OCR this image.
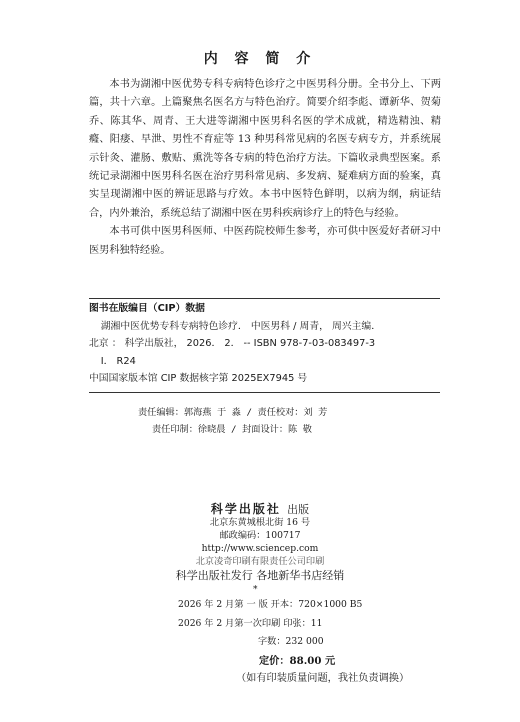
内 容 简 介

本书为湖湘中医优势专科专病特色诊疗之中医男科分册。全书分上、下两篇，共十六章。上篇聚焦名医名方与特色治疗。简要介绍李彪、谭新华、贺菊乔、陈其华、周青、王大进等湖湘中医男科名医的学术成就，精选精浊、精癃、阳痿、早泄、男性不育症等 13 种男科常见病的名医专病专方，并系统展示针灸、灌肠、敷贴、熏洗等各专病的特色治疗方法。下篇收录典型医案。系统记录湖湘中医男科名医在治疗男科常见病、多发病、疑难病方面的验案，真实呈现湖湘中医的辨证思路与疗效。本书中医特色鲜明，以病为纲，病证结合，内外兼治，系统总结了湖湘中医在男科疾病诊疗上的特色与经验。

本书可供中医男科医师、中医药院校师生参考，亦可供中医爱好者研习中医男科独特经验。

图书在版编目（CIP）数据
湖湘中医优势专科专病特色诊疗． 中医男科 / 周青， 周兴主编．
北京 ： 科学出版社， 2026． 2． -- ISBN 978-7-03-083497-3
Ⅰ． R24
中国国家版本馆 CIP 数据核字第 2025EX7945 号
责任编辑：郭海燕 于 淼 / 责任校对：刘 芳
责任印制：徐晓晨 / 封面设计：陈 敬
科学出版社 出版
北京东黄城根北街 16 号
邮政编码：100717
http://www.sciencep.com
北京凌奇印刷有限责任公司印刷
科学出版社发行 各地新华书店经销
*
2026 年 2 月第 一 版 开本：720×1000 B5
2026 年 2 月第一次印刷 印张：11
字数：232 000
定价：88.00 元
（如有印装质量问题，我社负责调换）
